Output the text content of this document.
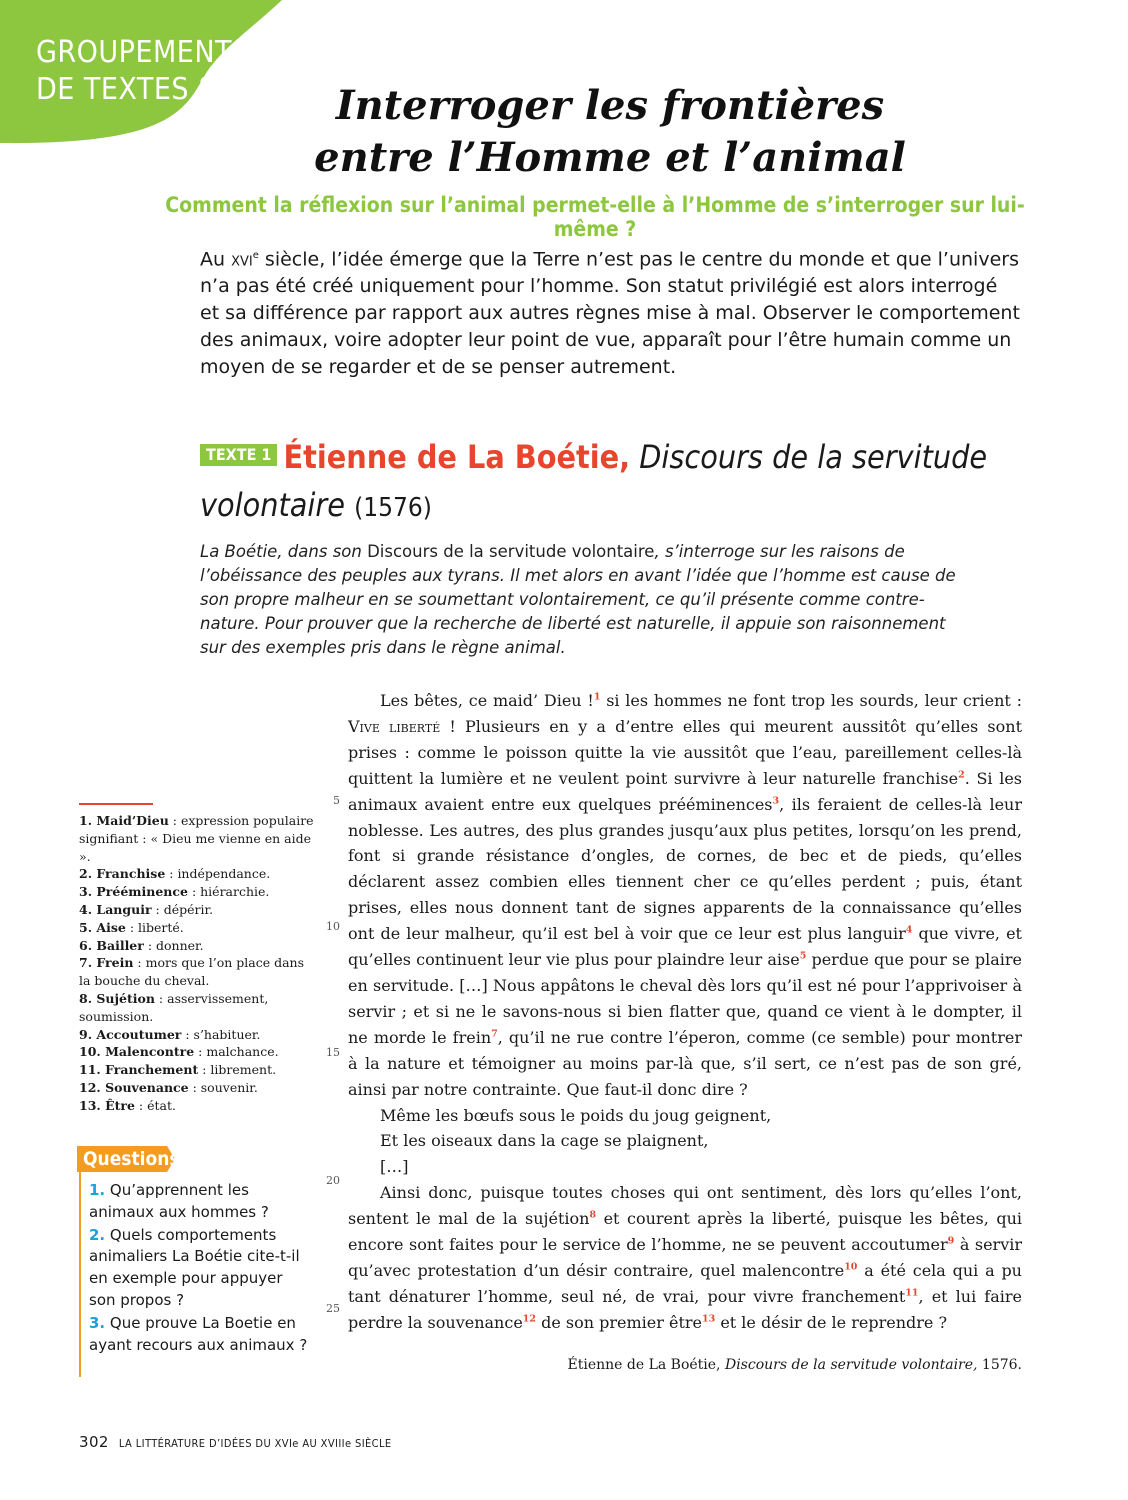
GROUPEMENT
DE TEXTES 8	Interroger les frontières
entre l’Homme et l’animal
Comment la réflexion sur l’animal permet-elle à l’Homme de s’interroger sur lui-même ?

Au xvi$^e$ siècle, l’idée émerge que la Terre n’est pas le centre du monde et que l’univers n’a pas été créé uniquement pour l’homme. Son statut privilégié est alors interrogé et sa différence par rapport aux autres règnes mise à mal. Observer le comportement des animaux, voire adopter leur point de vue, apparaît pour l’être humain comme un moyen de se regarder et de se penser autrement.

TEXTE 1 Étienne de La Boétie, Discours de la servitude volontaire (1576)
La Boétie, dans son Discours de la servitude volontaire, s’interroge sur les raisons de l’obéissance des peuples aux tyrans. Il met alors en avant l’idée que l’homme est cause de son propre malheur en se soumettant volontairement, ce qu’il présente comme contre-nature. Pour prouver que la recherche de liberté est naturelle, il appuie son raisonnement sur des exemples pris dans le règne animal.
5
10
15
20
25

Les bêtes, ce maid’ Dieu !$^1$ si les hommes ne font trop les sourds, leur crient : Vive liberté ! Plusieurs en y a d’entre elles qui meurent aussitôt qu’elles sont prises : comme le poisson quitte la vie aussitôt que l’eau, pareillement celles-là quittent la lumière et ne veulent point survivre à leur naturelle franchise$^2$. Si les animaux avaient entre eux quelques prééminences$^3$, ils feraient de celles-là leur noblesse. Les autres, des plus grandes jusqu’aux plus petites, lorsqu’on les prend, font si grande résistance d’ongles, de cornes, de bec et de pieds, qu’elles déclarent assez combien elles tiennent cher ce qu’elles perdent ; puis, étant prises, elles nous donnent tant de signes apparents de la connaissance qu’elles ont de leur malheur, qu’il est bel à voir que ce leur est plus languir$^4$ que vivre, et qu’elles continuent leur vie plus pour plaindre leur aise$^5$ perdue que pour se plaire en servitude. […] Nous appâtons le cheval dès lors qu’il est né pour l’apprivoiser à servir ; et si ne le savons-nous si bien flatter que, quand ce vient à le dompter, il ne morde le frein$^7$, qu’il ne rue contre l’éperon, comme (ce semble) pour montrer à la nature et témoigner au moins par-là que, s’il sert, ce n’est pas de son gré, ainsi par notre contrainte. Que faut-il donc dire ?

Même les bœufs sous le poids du joug geignent,

Et les oiseaux dans la cage se plaignent,

[…]

Ainsi donc, puisque toutes choses qui ont sentiment, dès lors qu’elles l’ont, sentent le mal de la sujétion$^8$ et courent après la liberté, puisque les bêtes, qui encore sont faites pour le service de l’homme, ne se peuvent accoutumer$^9$ à servir qu’avec protestation d’un désir contraire, quel malencontre$^{10}$ a été cela qui a pu tant dénaturer l’homme, seul né, de vrai, pour vivre franchement$^{11}$, et lui faire perdre la souvenance$^{12}$ de son premier être$^{13}$ et le désir de le reprendre ?

Étienne de La Boétie, Discours de la servitude volontaire, 1576.
1. Maid’Dieu : expression populaire signifiant : « Dieu me vienne en aide ».
2. Franchise : indépendance.
3. Prééminence : hiérarchie.
4. Languir : dépérir.
5. Aise : liberté.
6. Bailler : donner.
7. Frein : mors que l’on place dans la bouche du cheval.
8. Sujétion : asservissement, soumission.
9. Accoutumer : s’habituer.
10. Malencontre : malchance.
11. Franchement : librement.
12. Souvenance : souvenir.
13. Être : état.
Questions
1. Qu’apprennent les animaux aux hommes ?
2. Quels comportements animaliers La Boétie cite-t-il en exemple pour appuyer son propos ?
3. Que prouve La Boetie en ayant recours aux animaux ?
302 LA LITTÉRATURE D’IDÉES DU XVIe AU XVIIIe SIÈCLE
